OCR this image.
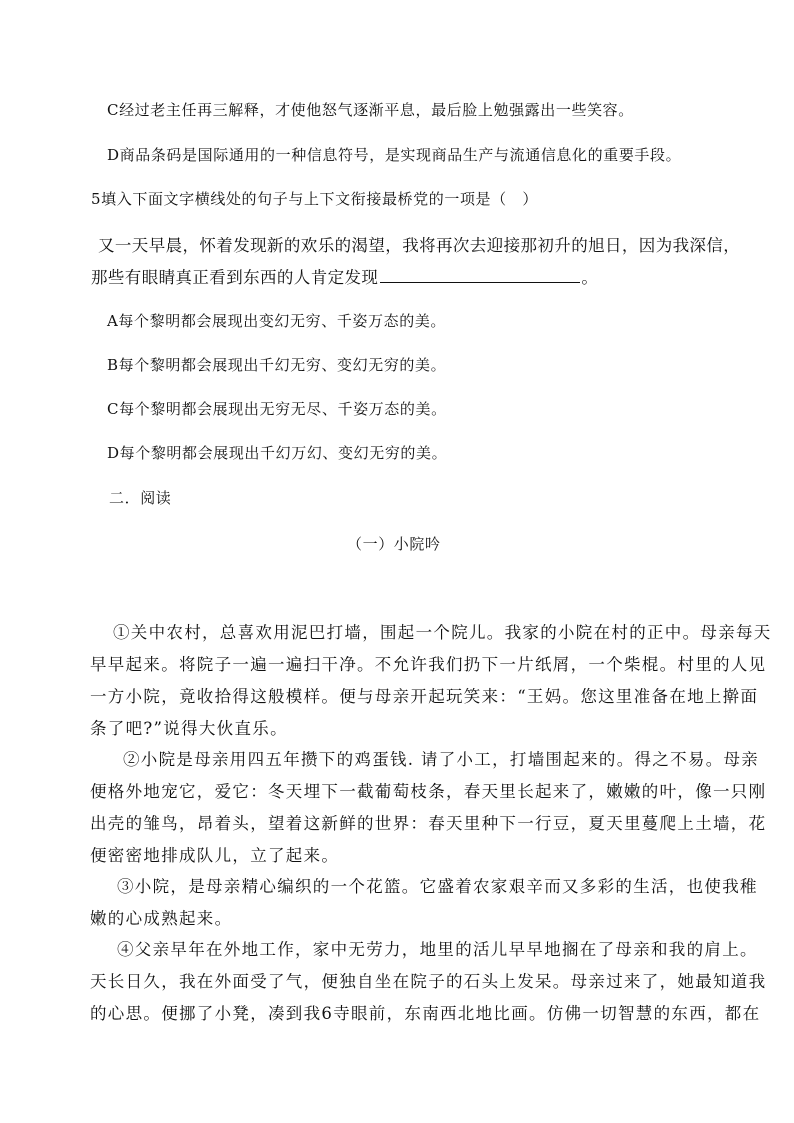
C经过老主任再三解释，才使他怒气逐渐平息，最后脸上勉强露出一些笑容。
D商品条码是国际通用的一种信息符号，是实现商品生产与流通信息化的重要手段。
5填入下面文字横线处的句子与上下文衔接最桥党的一项是（　）
又一天早晨，怀着发现新的欢乐的渴望，我将再次去迎接那初升的旭日，因为我深信，
那些有眼睛真正看到东西的人肯定发现	。
A每个黎明都会展现出变幻无穷、千姿万态的美。
B每个黎明都会展现出千幻无穷、变幻无穷的美。
C每个黎明都会展现出无穷无尽、千姿万态的美。
D每个黎明都会展现出千幻万幻、变幻无穷的美。
二．阅读
（一）小院吟
①关中农村，总喜欢用泥巴打墙，围起一个院儿。我家的小院在村的正中。母亲每天
早早起来。将院子一遍一遍扫干净。不允许我们扔下一片纸屑，一个柴棍。村里的人见
一方小院，竟收拾得这般模样。便与母亲开起玩笑来：“王妈。您这里准备在地上擀面
条了吧?”说得大伙直乐。
②小院是母亲用四五年攒下的鸡蛋钱. 请了小工，打墙围起来的。得之不易。母亲
便格外地宠它，爱它：冬天埋下一截葡萄枝条，春天里长起来了，嫩嫩的叶，像一只刚
出壳的雏鸟，昂着头，望着这新鲜的世界：春天里种下一行豆，夏天里蔓爬上土墙，花
便密密地排成队儿，立了起来。
③小院，是母亲精心编织的一个花篮。它盛着农家艰辛而又多彩的生活，也使我稚
嫩的心成熟起来。
④父亲早年在外地工作，家中无劳力，地里的活儿早早地搁在了母亲和我的肩上。
天长日久，我在外面受了气，便独自坐在院子的石头上发呆。母亲过来了，她最知道我
的心思。便挪了小凳，凑到我6寺眼前，东南西北地比画。仿佛一切智慧的东西，都在
